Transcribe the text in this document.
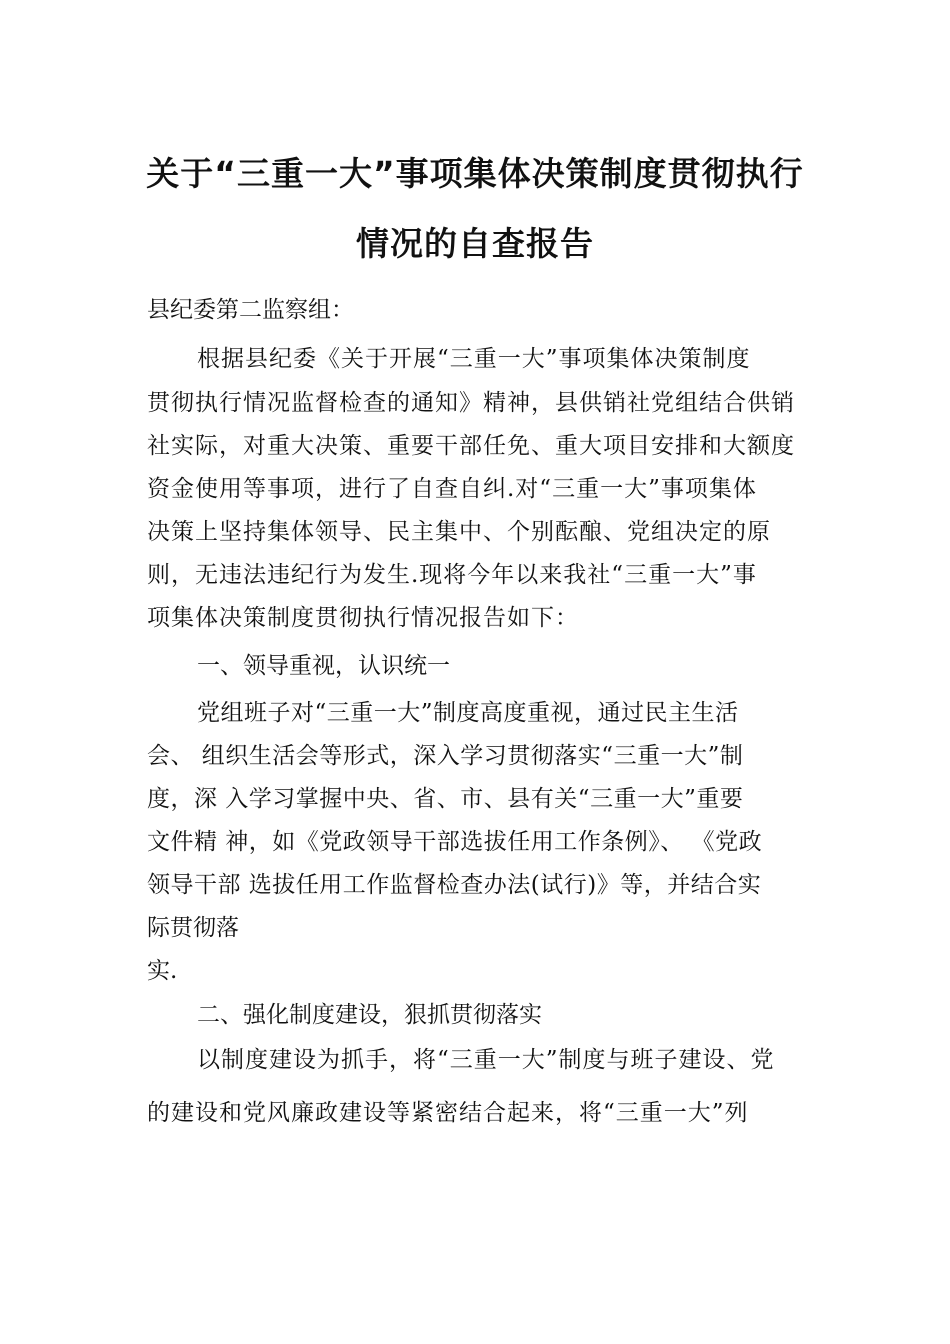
关于“三重一大”事项集体决策制度贯彻执行
情况的自查报告

县纪委第二监察组：

根据县纪委《关于开展“三重一大”事项集体决策制度

贯彻执行情况监督检查的通知》精神，县供销社党组结合供销

社实际，对重大决策、重要干部任免、重大项目安排和大额度

资金使用等事项，进行了自查自纠.对“三重一大”事项集体

决策上坚持集体领导、民主集中、个别酝酿、党组决定的原

则，无违法违纪行为发生.现将今年以来我社“三重一大”事

项集体决策制度贯彻执行情况报告如下：

一、领导重视，认识统一

党组班子对“三重一大”制度高度重视，通过民主生活

会、 组织生活会等形式，深入学习贯彻落实“三重一大”制

度，深 入学习掌握中央、省、市、县有关“三重一大”重要

文件精 神，如《党政领导干部选拔任用工作条例》、 《党政

领导干部 选拔任用工作监督检查办法(试行)》等，并结合实

际贯彻落

实.

二、强化制度建设，狠抓贯彻落实

以制度建设为抓手，将“三重一大”制度与班子建设、党

的建设和党风廉政建设等紧密结合起来，将“三重一大”列
